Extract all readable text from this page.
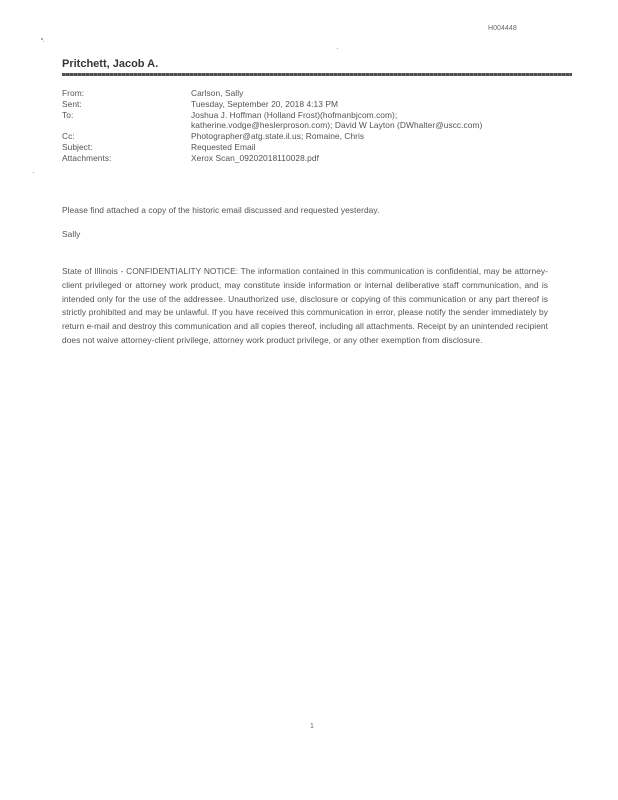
H004448
Pritchett, Jacob A.
From:	Carlson, Sally
Sent:	Tuesday, September 20, 2018 4:13 PM
To:	Joshua J. Hoffman (Holland Frost)(hofmanbjcom.com);
katherine.vodge@heslerproson.com); David W Layton (DWhalter@uscc.com)
Cc:	Photographer@atg.state.il.us; Romaine, Chris
Subject:	Requested Email
Attachments:	Xerox Scan_09202018110028.pdf
Please find attached a copy of the historic email discussed and requested yesterday.
Sally
State of Illinois - CONFIDENTIALITY NOTICE: The information contained in this communication is confidential, may be attorney-client privileged or attorney work product, may constitute inside information or internal deliberative staff communication, and is intended only for the use of the addressee. Unauthorized use, disclosure or copying of this communication or any part thereof is strictly prohibited and may be unlawful. If you have received this communication in error, please notify the sender immediately by return e-mail and destroy this communication and all copies thereof, including all attachments. Receipt by an unintended recipient does not waive attorney-client privilege, attorney work product privilege, or any other exemption from disclosure.
1
